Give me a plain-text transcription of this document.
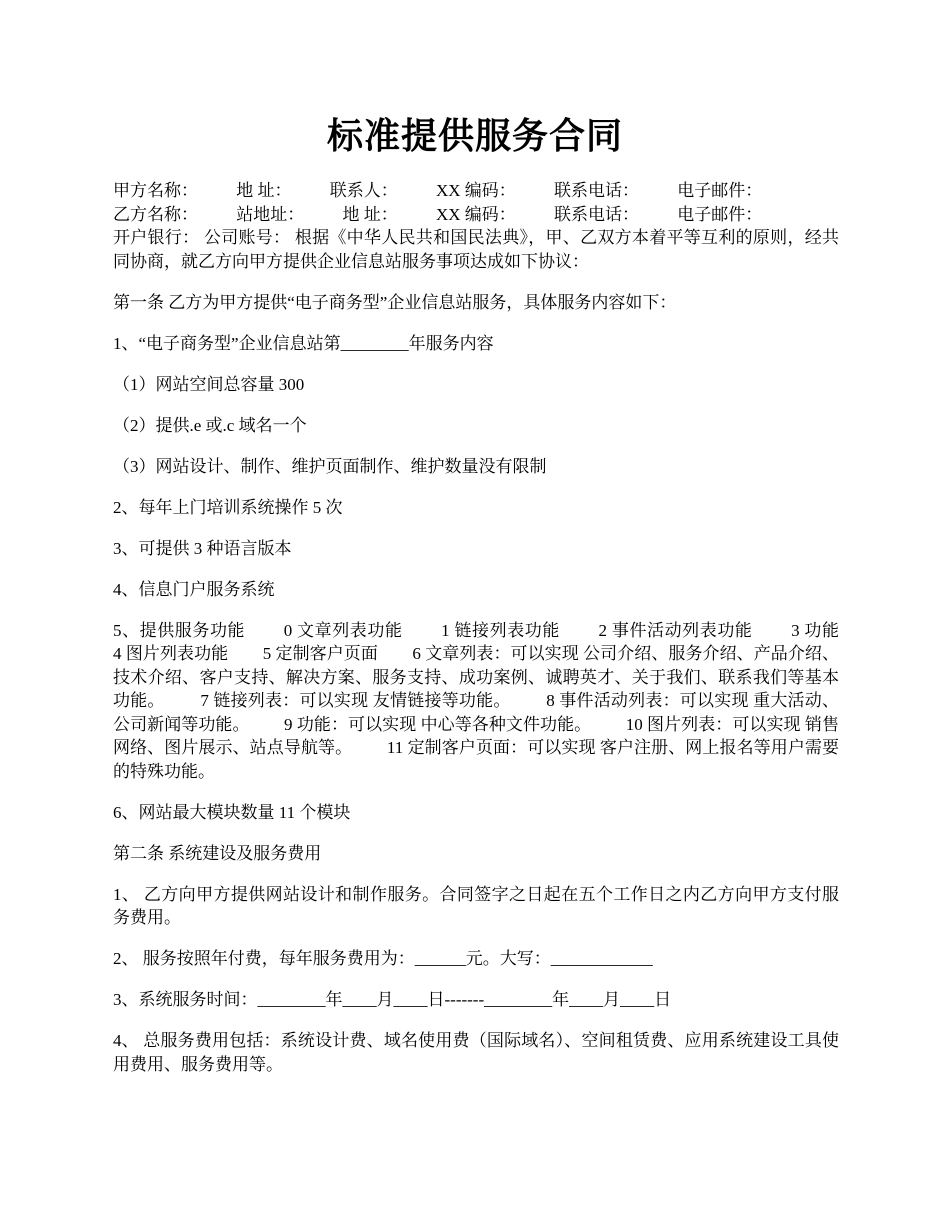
标准提供服务合同
甲方名称：         地 址：         联系人：         XX 编码：         联系电话：         电子邮件：
乙方名称：         站地址：         地 址：         XX 编码：         联系电话：         电子邮件：

开户银行： 公司账号： 根据《中华人民共和国民法典》，甲、乙双方本着平等互利的原则，经共同协商，就乙方向甲方提供企业信息站服务事项达成如下协议：

第一条 乙方为甲方提供“电子商务型”企业信息站服务，具体服务内容如下：

1、“电子商务型”企业信息站第________年服务内容

（1）网站空间总容量 300

（2）提供.e 或.c 域名一个

（3）网站设计、制作、维护页面制作、维护数量没有限制

2、每年上门培训系统操作 5 次

3、可提供 3 种语言版本

4、信息门户服务系统

5、提供服务功能        0 文章列表功能        1 链接列表功能        2 事件活动列表功能        3 功能        4 图片列表功能        5 定制客户页面        6 文章列表：可以实现 公司介绍、服务介绍、产品介绍、技术介绍、客户支持、解决方案、服务支持、成功案例、诚聘英才、关于我们、联系我们等基本功能。        7 链接列表：可以实现 友情链接等功能。        8 事件活动列表：可以实现 重大活动、公司新闻等功能。        9 功能：可以实现 中心等各种文件功能。        10 图片列表：可以实现 销售网络、图片展示、站点导航等。        11 定制客户页面：可以实现 客户注册、网上报名等用户需要的特殊功能。

6、网站最大模块数量 11 个模块

第二条 系统建设及服务费用

1、 乙方向甲方提供网站设计和制作服务。合同签字之日起在五个工作日之内乙方向甲方支付服务费用。

2、 服务按照年付费，每年服务费用为：______元。大写：____________

3、系统服务时间：________年____月____日-------________年____月____日

4、 总服务费用包括：系统设计费、域名使用费（国际域名）、空间租赁费、应用系统建设工具使用费用、服务费用等。
